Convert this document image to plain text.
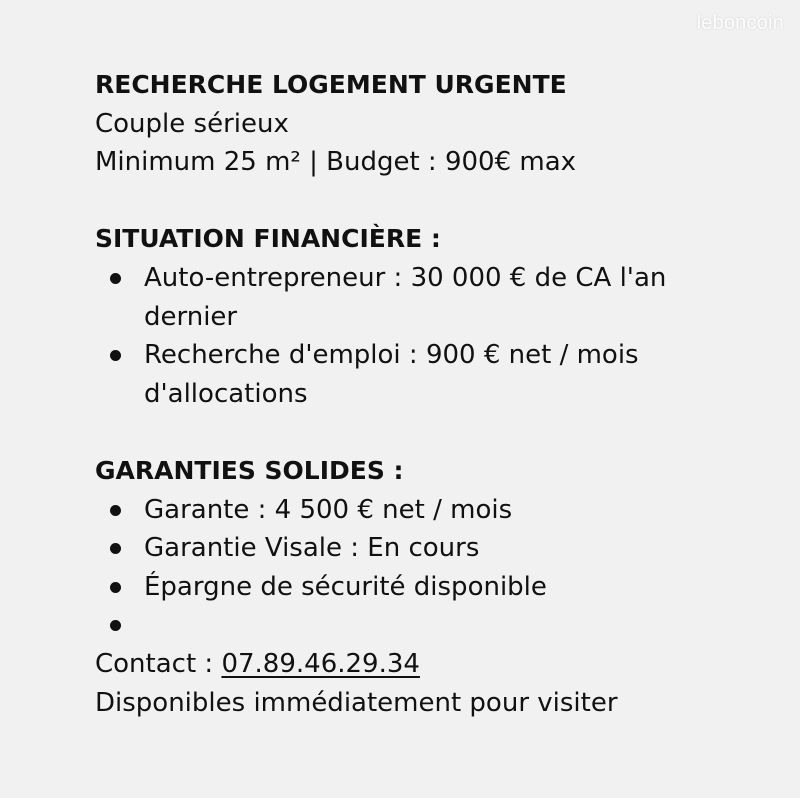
leboncoin
RECHERCHE LOGEMENT URGENTE
Couple sérieux
Minimum 25 m² | Budget : 900€ max
SITUATION FINANCIÈRE :
Auto-entrepreneur : 30 000 € de CA l'an dernier
Recherche d'emploi : 900 € net / mois d'allocations
GARANTIES SOLIDES :
Garante : 4 500 € net / mois
Garantie Visale : En cours
Épargne de sécurité disponible

Contact : 07.89.46.29.34
Disponibles immédiatement pour visiter
